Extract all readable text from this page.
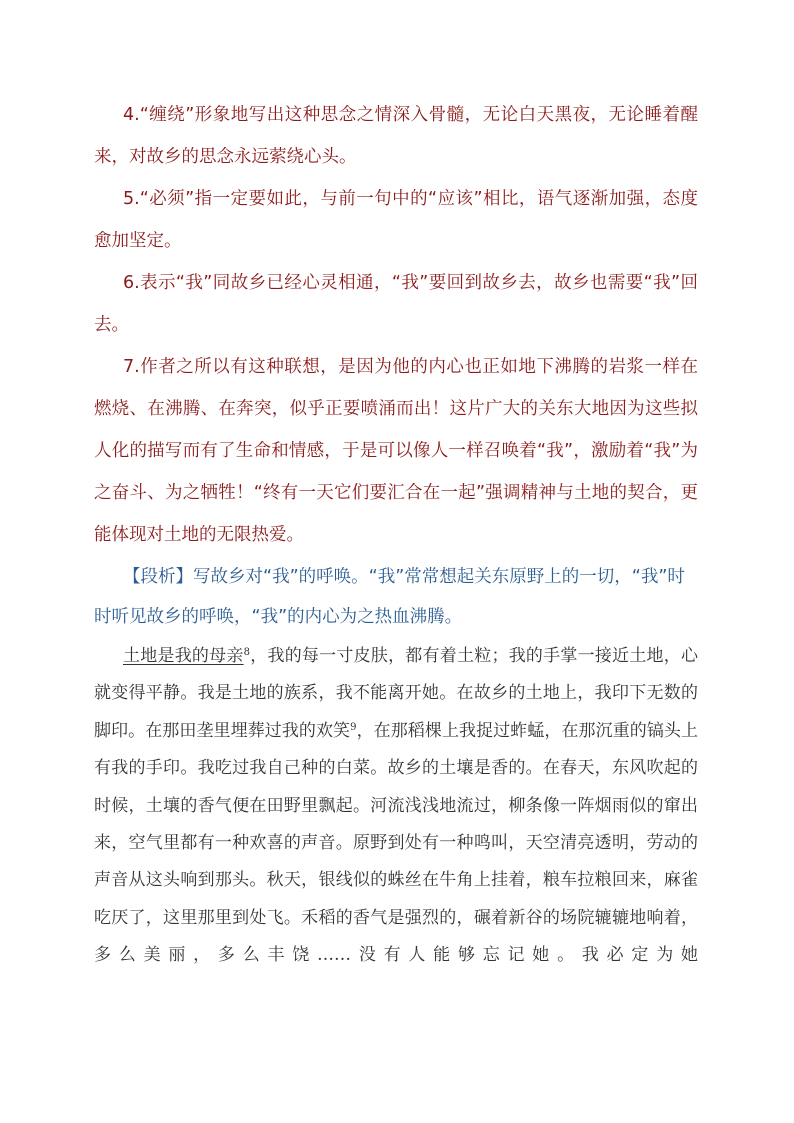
4.“缠绕”形象地写出这种思念之情深入骨髓，无论白天黑夜，无论睡着醒来，对故乡的思念永远萦绕心头。

5.“必须”指一定要如此，与前一句中的“应该”相比，语气逐渐加强，态度愈加坚定。

6.表示“我”同故乡已经心灵相通，“我”要回到故乡去，故乡也需要“我”回去。

7.作者之所以有这种联想，是因为他的内心也正如地下沸腾的岩浆一样在燃烧、在沸腾、在奔突，似乎正要喷涌而出！这片广大的关东大地因为这些拟人化的描写而有了生命和情感，于是可以像人一样召唤着“我”，激励着“我”为之奋斗、为之牺牲！“终有一天它们要汇合在一起”强调精神与土地的契合，更能体现对土地的无限热爱。

【段析】写故乡对“我”的呼唤。“我”常常想起关东原野上的一切，“我”时时听见故乡的呼唤，“我”的内心为之热血沸腾。

土地是我的母亲$^8$，我的每一寸皮肤，都有着土粒；我的手掌一接近土地，心就变得平静。我是土地的族系，我不能离开她。在故乡的土地上，我印下无数的脚印。在那田垄里埋葬过我的欢笑$^9$，在那稻棵上我捉过蚱蜢，在那沉重的镐头上有我的手印。我吃过我自己种的白菜。故乡的土壤是香的。在春天，东风吹起的时候，土壤的香气便在田野里飘起。河流浅浅地流过，柳条像一阵烟雨似的窜出来，空气里都有一种欢喜的声音。原野到处有一种鸣叫，天空清亮透明，劳动的声音从这头响到那头。秋天，银线似的蛛丝在牛角上挂着，粮车拉粮回来，麻雀吃厌了，这里那里到处飞。禾稻的香气是强烈的，碾着新谷的场院辘辘地响着，多么美丽，多么丰饶……没有人能够忘记她。我必定为她
